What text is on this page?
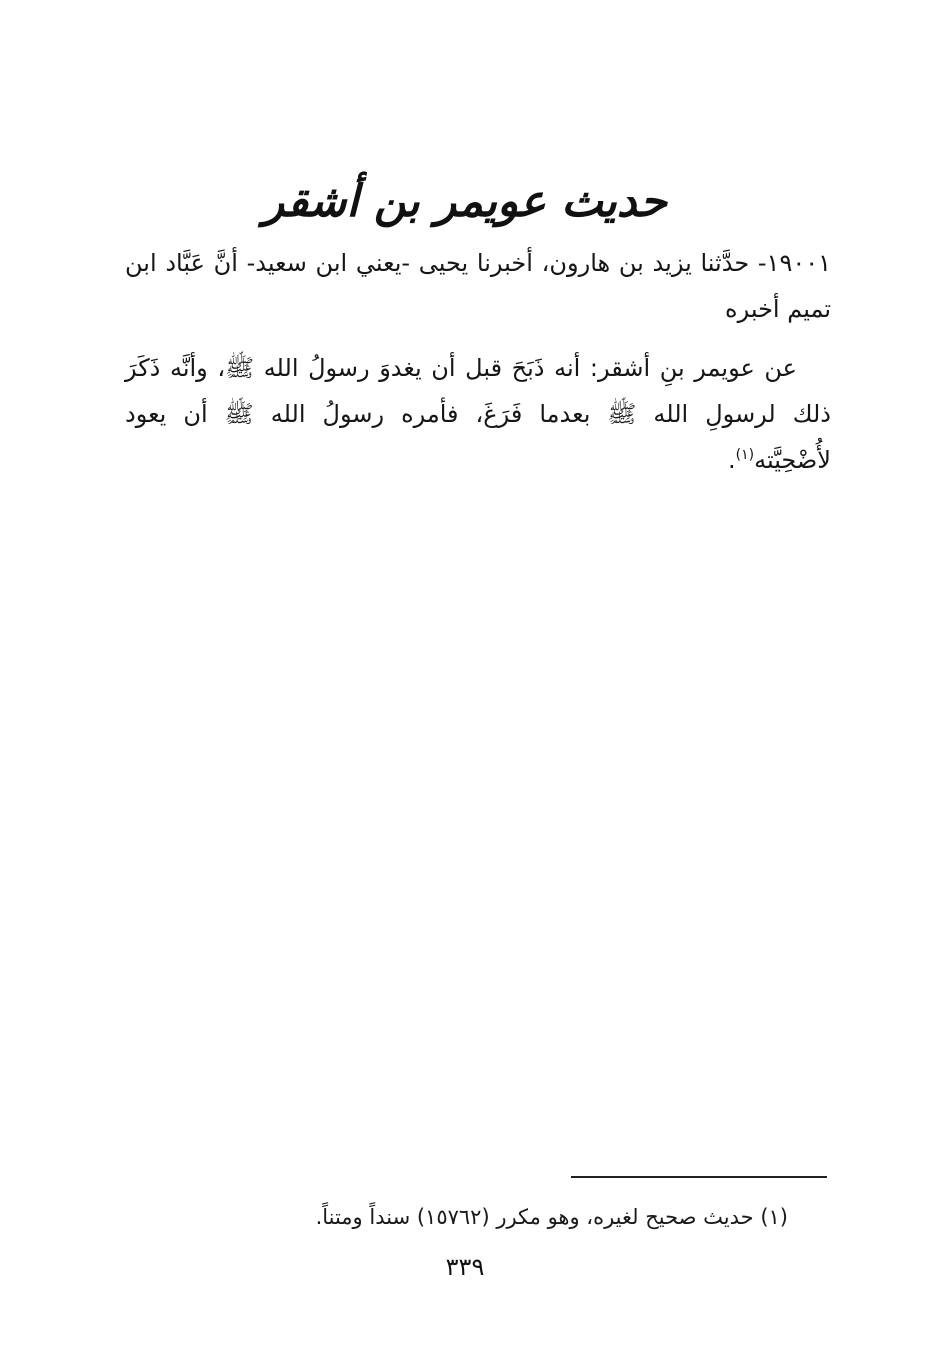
حديث عويمر بن أشقر
١٩٠٠١- حدَّثنا يزيد بن هارون، أخبرنا يحيى -يعني ابن سعيد- أنَّ عَبَّاد ابن تميم أخبره
عن عويمر بنِ أشقر: أنه ذَبَحَ قبل أن يغدوَ رسولُ الله ﷺ، وأنَّه ذَكَرَ ذلك لرسولِ الله ﷺ بعدما فَرَغَ، فأمره رسولُ الله ﷺ أن يعود لأُضْحِيَّته$^{(١)}$.
(١) حديث صحيح لغيره، وهو مكرر (١٥٧٦٢) سنداً ومتناً.
٣٣٩
